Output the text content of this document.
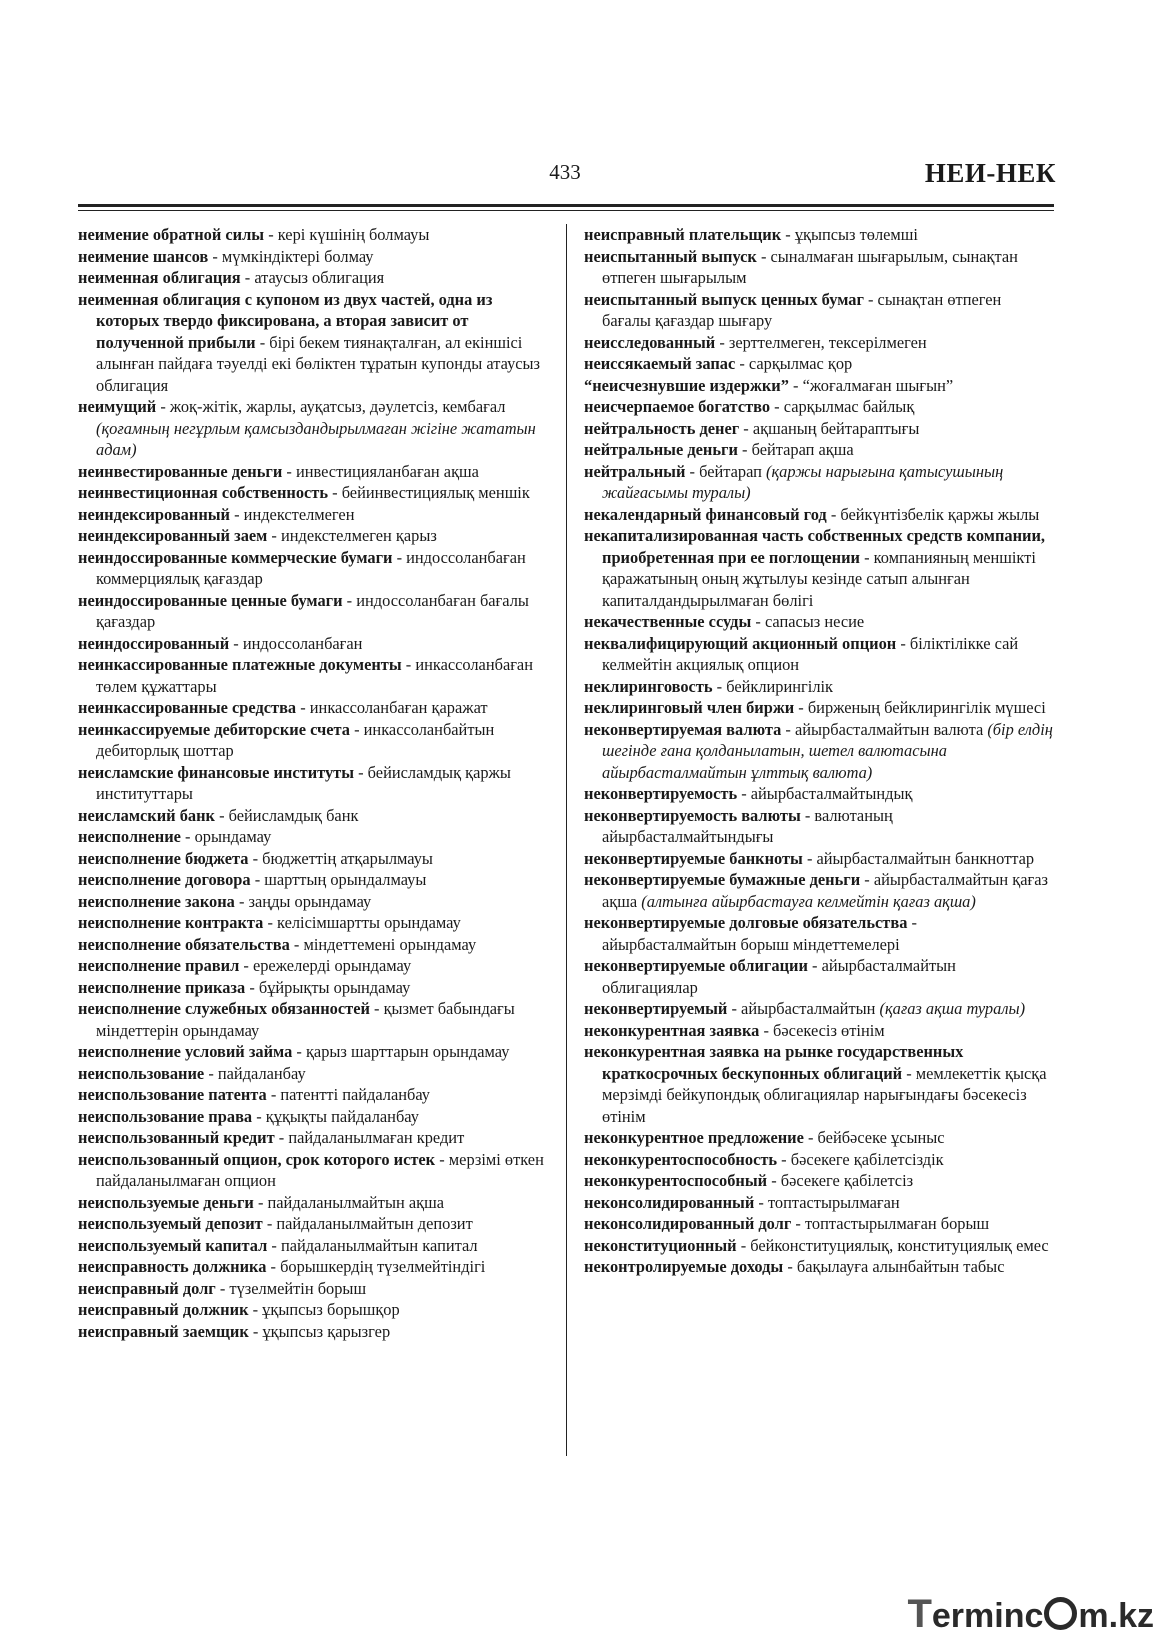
433	НЕИ-НЕК

неимение обратной силы - кері күшінің болмауы

неимение шансов - мүмкіндіктері болмау

неименная облигация - атаусыз облигация

неименная облигация с купоном из двух частей, одна из которых твердо фиксирована, а вторая зависит от полученной прибыли - бірі бекем тиянақталған, ал екіншісі алынған пайдаға тәуелді екі бөліктен тұратын купонды атаусыз облигация

неимущий - жоқ-жітік, жарлы, ауқатсыз, дәулетсіз, кембағал (қоғамның негұрлым қамсыздандырылмаған жігіне жататын адам)

неинвестированные деньги - инвестицияланбаған ақша

неинвестиционная собственность - бейинвестициялық меншік

неиндексированный - индекстелмеген

неиндексированный заем - индекстелмеген қарыз

неиндоссированные коммерческие бумаги - индоссоланбаған коммерциялық қағаздар

неиндоссированные ценные бумаги - индоссоланбаған бағалы қағаздар

неиндоссированный - индоссоланбаған

неинкассированные платежные документы - инкассоланбаған төлем құжаттары

неинкассированные средства - инкассоланбаған қаражат

неинкассируемые дебиторские счета - инкассоланбайтын дебиторлық шоттар

неисламские финансовые институты - бейисламдық қаржы институттары

неисламский банк - бейисламдық банк

неисполнение - орындамау

неисполнение бюджета - бюджеттің атқарылмауы

неисполнение договора - шарттың орындалмауы

неисполнение закона - заңды орындамау

неисполнение контракта - келісімшартты орындамау

неисполнение обязательства - міндеттемені орындамау

неисполнение правил - ережелерді орындамау

неисполнение приказа - бұйрықты орындамау

неисполнение служебных обязанностей - қызмет бабындағы міндеттерін орындамау

неисполнение условий займа - қарыз шарттарын орындамау

неиспользование - пайдаланбау

неиспользование патента - патентті пайдаланбау

неиспользование права - құқықты пайдаланбау

неиспользованный кредит - пайдаланылмаған кредит

неиспользованный опцион, срок которого истек - мерзімі өткен пайдаланылмаған опцион

неиспользуемые деньги - пайдаланылмайтын ақша

неиспользуемый депозит - пайдаланылмайтын депозит

неиспользуемый капитал - пайдаланылмайтын капитал

неисправность должника - борышкердің түзелмейтіндігі

неисправный долг - түзелмейтін борыш

неисправный должник - ұқыпсыз борышқор

неисправный заемщик - ұқыпсыз қарызгер

неисправный плательщик - ұқыпсыз төлемші

неиспытанный выпуск - сыналмаған шығарылым, сынақтан өтпеген шығарылым

неиспытанный выпуск ценных бумаг - сынақтан өтпеген бағалы қағаздар шығару

неисследованный - зерттелмеген, тексерілмеген

неиссякаемый запас - сарқылмас қор

“неисчезнувшие издержки” - “жоғалмаған шығын”

неисчерпаемое богатство - сарқылмас байлық

нейтральность денег - ақшаның бейтараптығы

нейтральные деньги - бейтарап ақша

нейтральный - бейтарап (қаржы нарығына қатысушының жайғасымы туралы)

некалендарный финансовый год - бейкүнтізбелік қаржы жылы

некапитализированная часть собственных средств компании, приобретенная при ее поглощении - компанияның меншікті қаражатының оның жұтылуы кезінде сатып алынған капиталдандырылмаған бөлігі

некачественные ссуды - сапасыз несие

неквалифицирующий акционный опцион - біліктілікке сай келмейтін акциялық опцион

неклиринговость - бейклирингілік

неклиринговый член биржи - бирженың бейклирингілік мүшесі

неконвертируемая валюта - айырбасталмайтын валюта (бір елдің шегінде ғана қолданылатын, шетел валютасына айырбасталмайтын ұлттық валюта)

неконвертируемость - айырбасталмайтындық

неконвертируемость валюты - валютаның айырбасталмайтындығы

неконвертируемые банкноты - айырбасталмайтын банкноттар

неконвертируемые бумажные деньги - айырбасталмайтын қағаз ақша (алтынға айырбастауға келмейтін қағаз ақша)

неконвертируемые долговые обязательства - айырбасталмайтын борыш міндеттемелері

неконвертируемые облигации - айырбасталмайтын облигациялар

неконвертируемый - айырбасталмайтын (қағаз ақша туралы)

неконкурентная заявка - бәсекесіз өтінім

неконкурентная заявка на рынке государственных краткосрочных бескупонных облигаций - мемлекеттік қысқа мерзімді бейкупондық облигациялар нарығындағы бәсекесіз өтінім

неконкурентное предложение - бейбәсеке ұсыныс

неконкурентоспособность - бәсекеге қабілетсіздік

неконкурентоспособный - бәсекеге қабілетсіз

неконсолидированный - топтастырылмаған

неконсолидированный долг - топтастырылмаған борыш

неконституционный - бейконституциялық, конституциялық емес

неконтролируемые доходы - бақылауға алынбайтын табыс

Terminc m.kz
